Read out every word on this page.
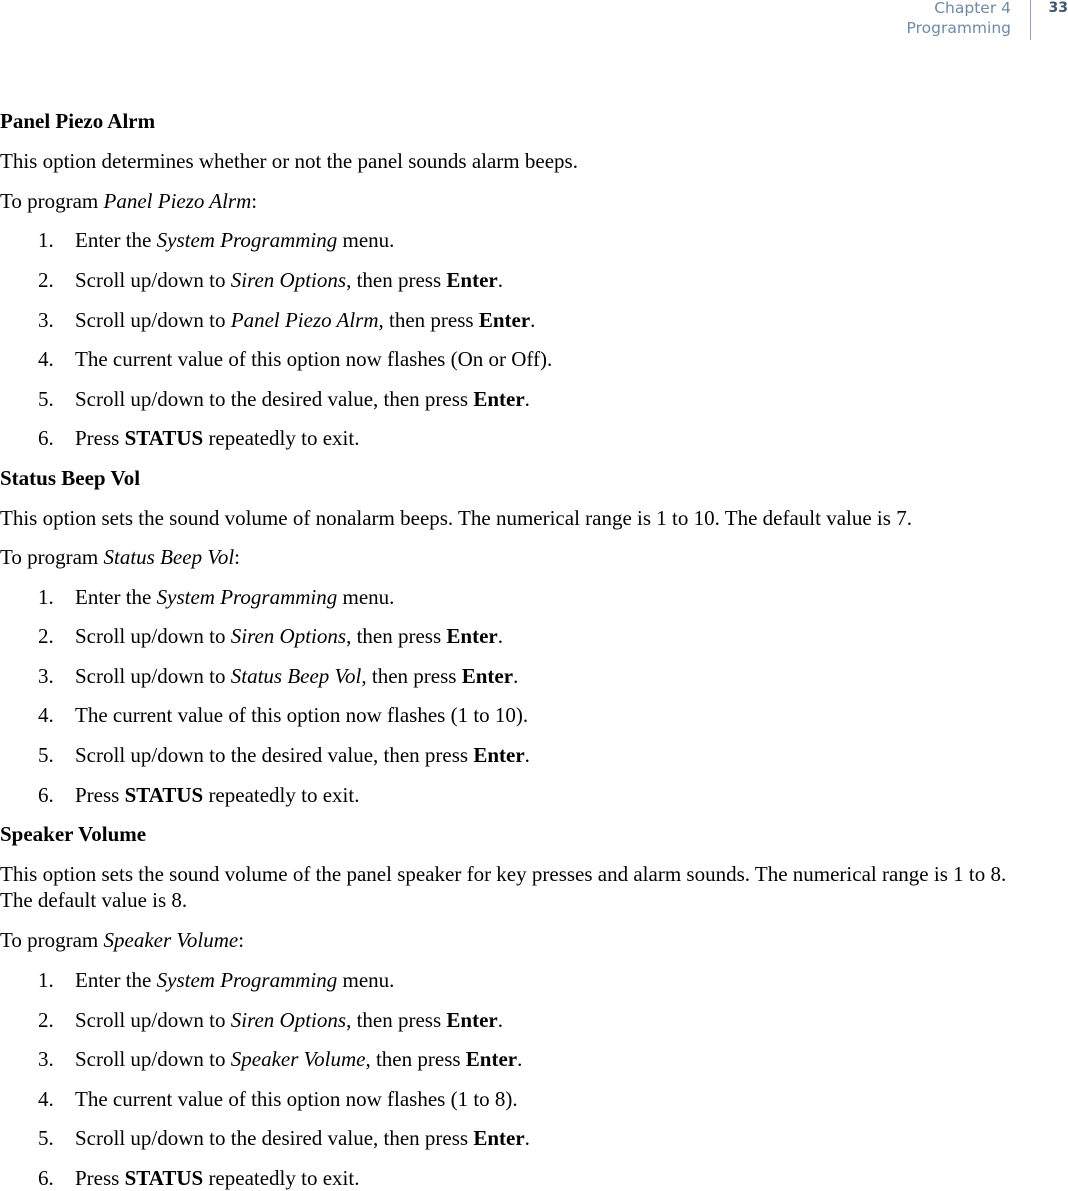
Chapter 4
Programming
33
Panel Piezo Alrm
This option determines whether or not the panel sounds alarm beeps.
To program Panel Piezo Alrm:
1. Enter the System Programming menu.
2. Scroll up/down to Siren Options, then press Enter.
3. Scroll up/down to Panel Piezo Alrm, then press Enter.
4. The current value of this option now flashes (On or Off).
5. Scroll up/down to the desired value, then press Enter.
6. Press STATUS repeatedly to exit.
Status Beep Vol
This option sets the sound volume of nonalarm beeps. The numerical range is 1 to 10. The default value is 7.
To program Status Beep Vol:
1. Enter the System Programming menu.
2. Scroll up/down to Siren Options, then press Enter.
3. Scroll up/down to Status Beep Vol, then press Enter.
4. The current value of this option now flashes (1 to 10).
5. Scroll up/down to the desired value, then press Enter.
6. Press STATUS repeatedly to exit.
Speaker Volume
This option sets the sound volume of the panel speaker for key presses and alarm sounds. The numerical range is 1 to 8. The default value is 8.
To program Speaker Volume:
1. Enter the System Programming menu.
2. Scroll up/down to Siren Options, then press Enter.
3. Scroll up/down to Speaker Volume, then press Enter.
4. The current value of this option now flashes (1 to 8).
5. Scroll up/down to the desired value, then press Enter.
6. Press STATUS repeatedly to exit.
